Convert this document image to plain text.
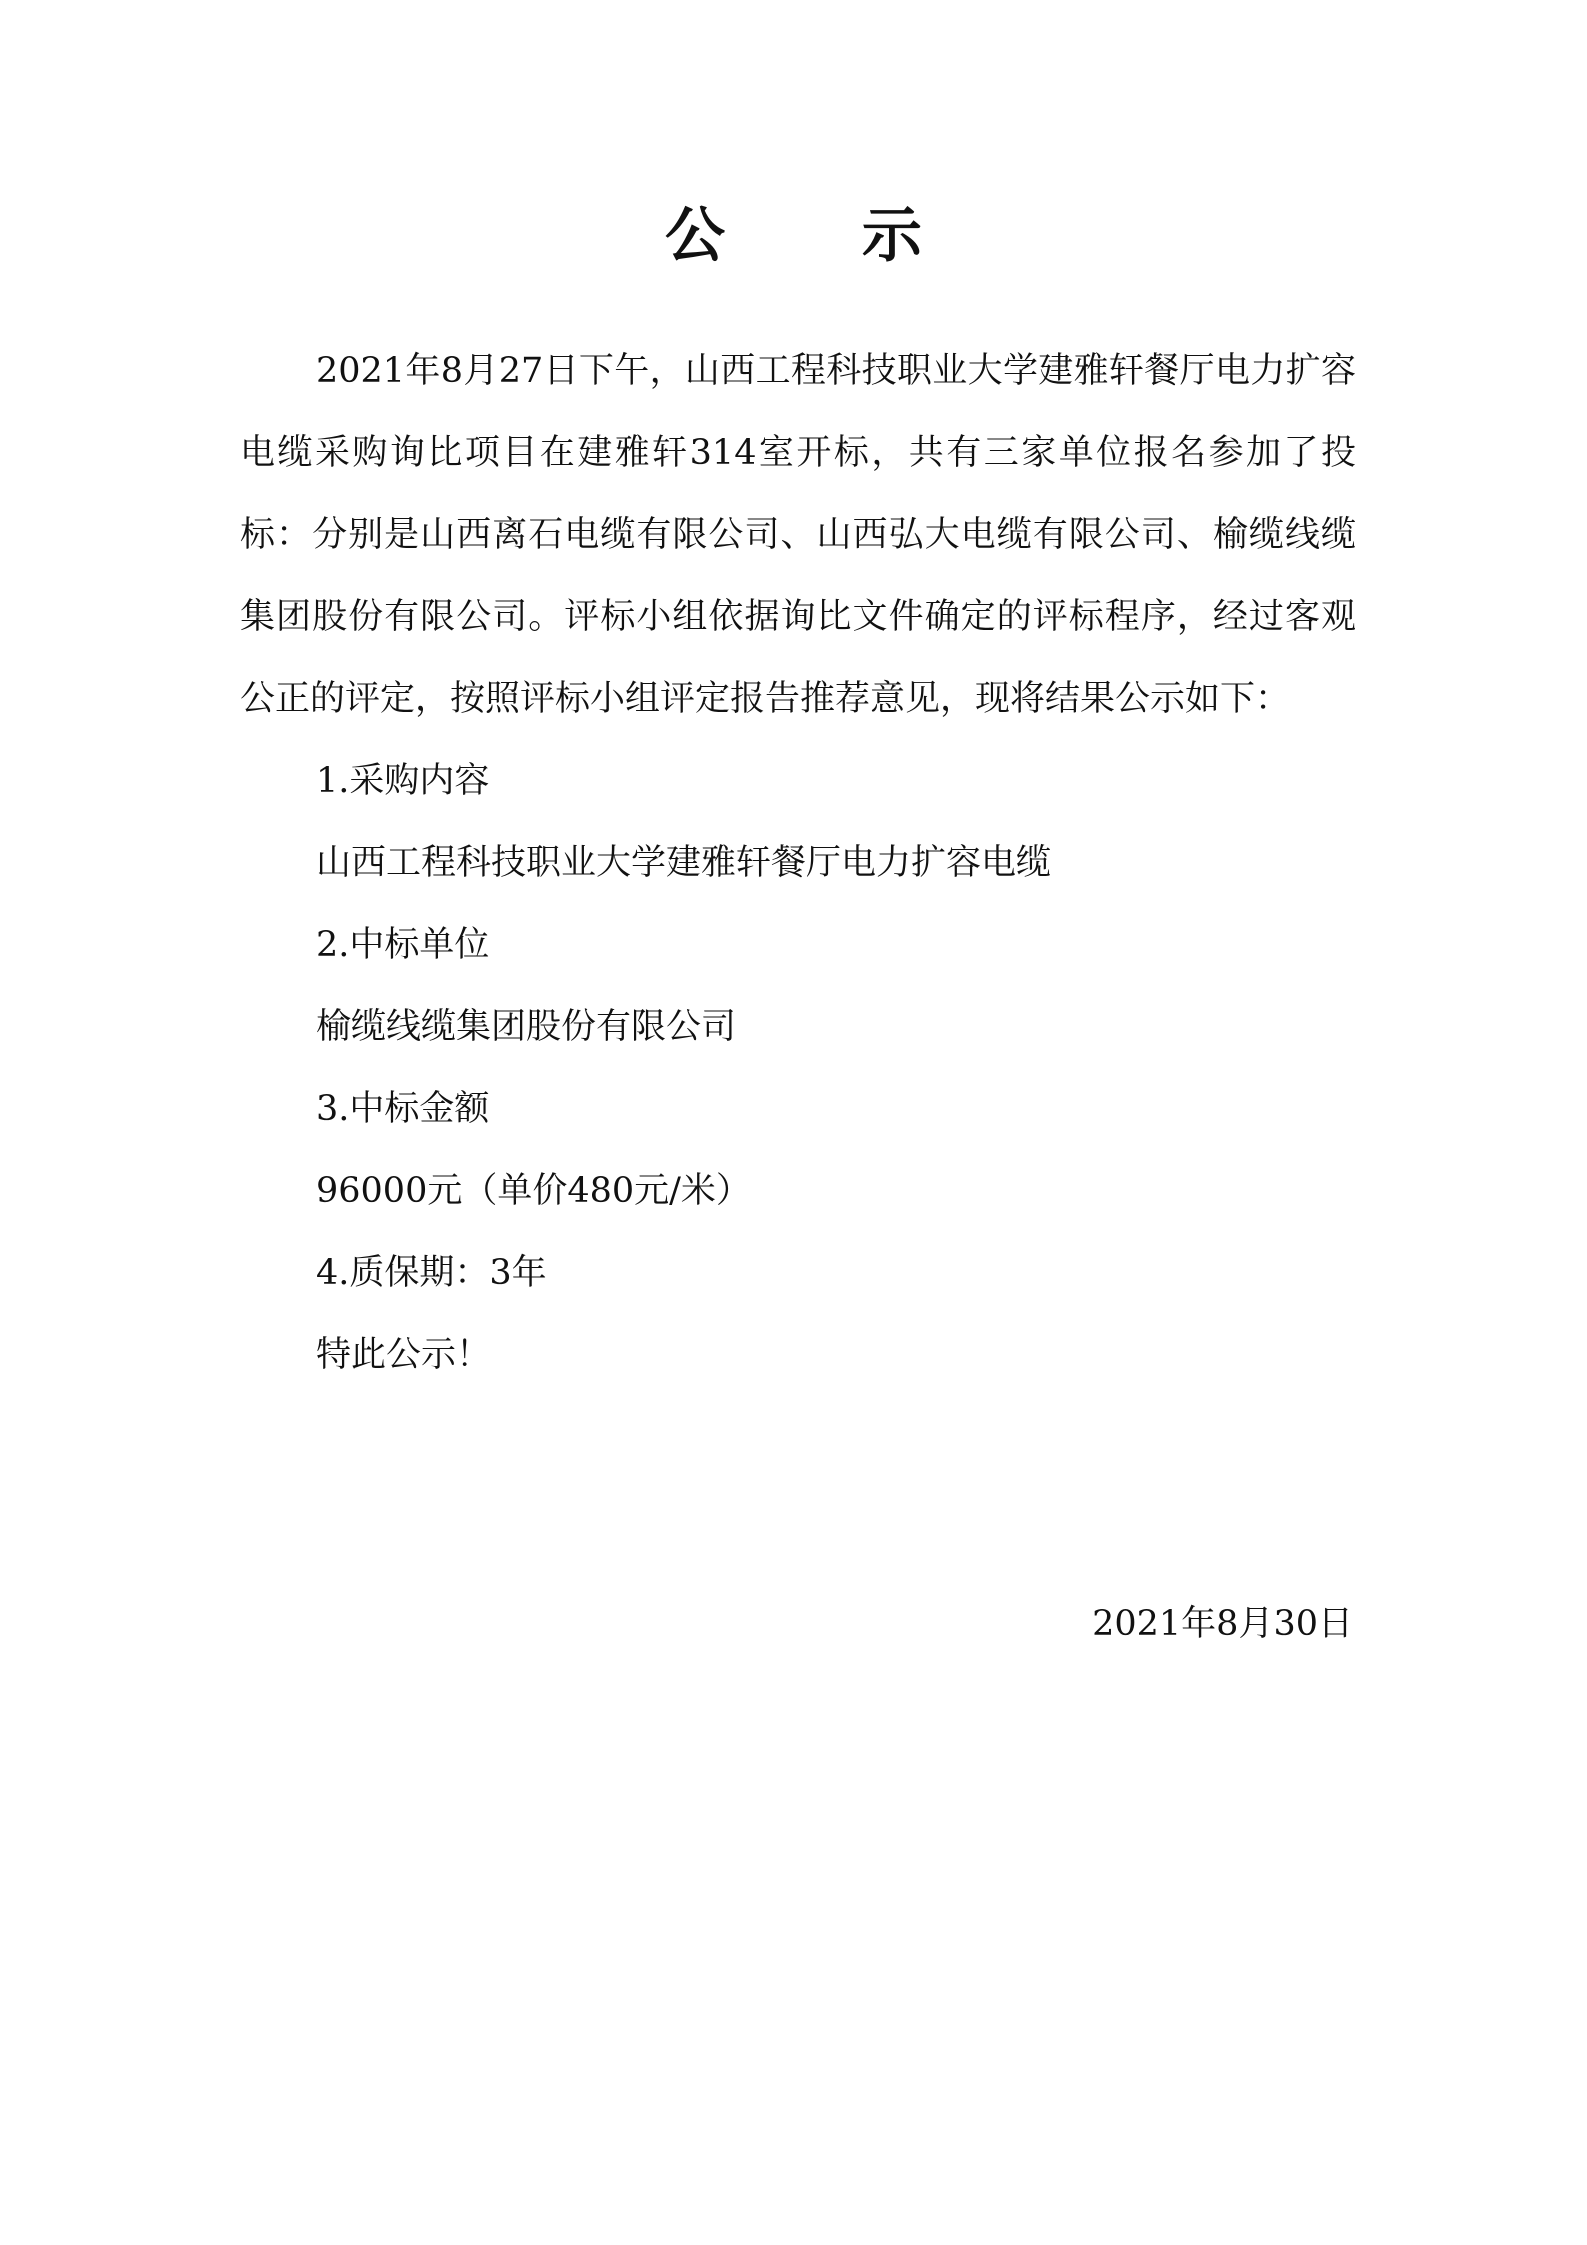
公 示

2021年8月27日下午，山西工程科技职业大学建雅轩餐厅电力扩容电缆采购询比项目在建雅轩314室开标，共有三家单位报名参加了投标：分别是山西离石电缆有限公司、山西弘大电缆有限公司、榆缆线缆集团股份有限公司。评标小组依据询比文件确定的评标程序，经过客观公正的评定，按照评标小组评定报告推荐意见，现将结果公示如下：

1.采购内容

山西工程科技职业大学建雅轩餐厅电力扩容电缆

2.中标单位

榆缆线缆集团股份有限公司

3.中标金额

96000元（单价480元/米）

4.质保期：3年

特此公示！

2021年8月30日
